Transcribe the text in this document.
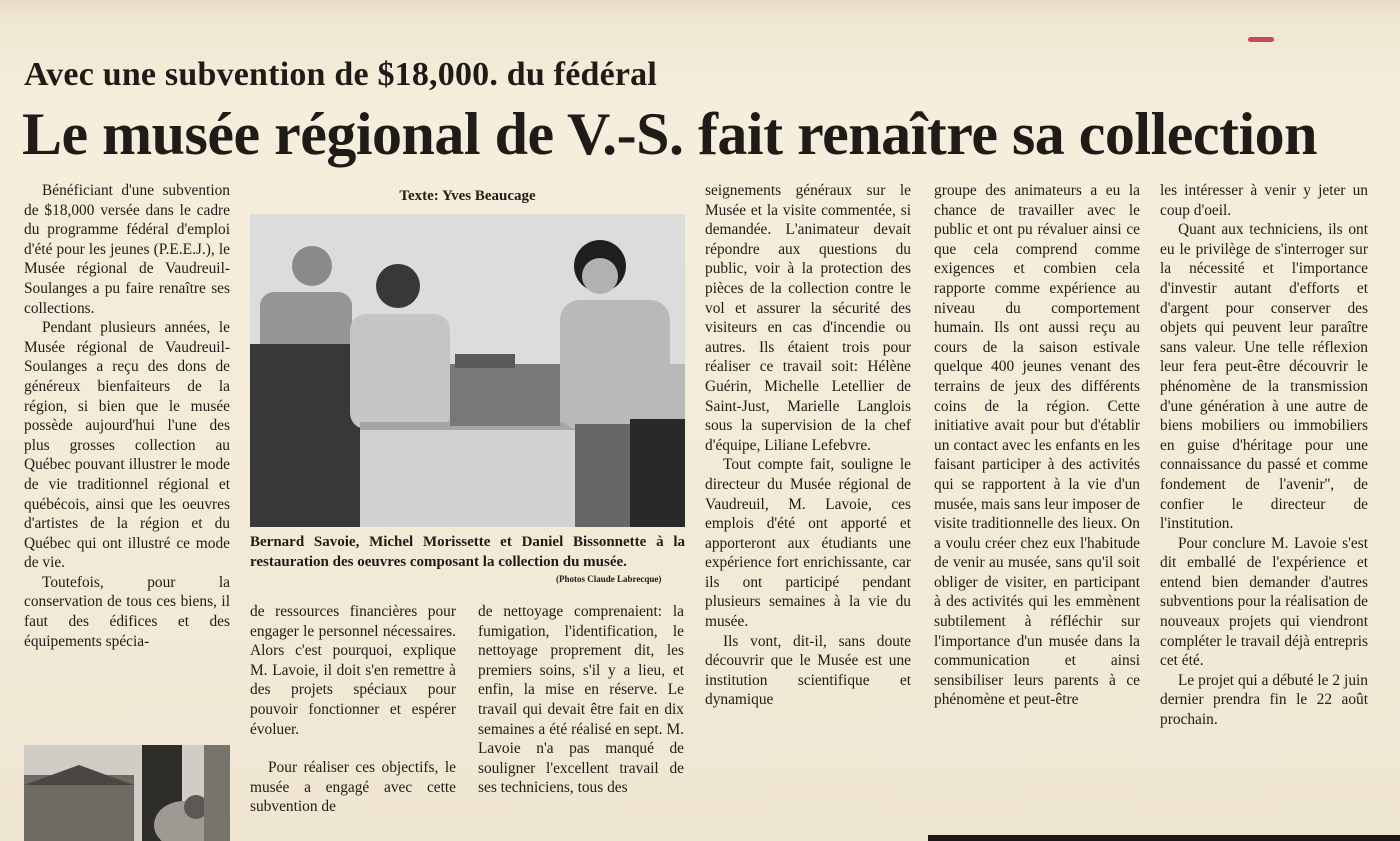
Avec une subvention de $18,000. du fédéral
Le musée régional de V.-S. fait renaître sa collection

Bénéficiant d'une subvention de $18,000 versée dans le cadre du programme fédéral d'emploi d'été pour les jeunes (P.E.E.J.), le Musée régional de Vaudreuil-Soulanges a pu faire renaître ses collections.

Pendant plusieurs années, le Musée régional de Vaudreuil-Soulanges a reçu des dons de généreux bienfaiteurs de la région, si bien que le musée possède aujourd'hui l'une des plus grosses collection au Québec pouvant illustrer le mode de vie traditionnel régional et québécois, ainsi que les oeuvres d'artistes de la région et du Québec qui ont illustré ce mode de vie.

Toutefois, pour la conservation de tous ces biens, il faut des édifices et des équipements spécia-

Texte: Yves Beaucage
Bernard Savoie, Michel Morissette et Daniel Bissonnette à la restauration des oeuvres composant la collection du musée.
(Photos Claude Labrecque)

de ressources financières pour engager le personnel nécessaires. Alors c'est pourquoi, explique M. Lavoie, il doit s'en remettre à des projets spéciaux pour pouvoir fonctionner et espérer évoluer.

Pour réaliser ces objectifs, le musée a engagé avec cette subvention de

de nettoyage comprenaient: la fumigation, l'identification, le nettoyage proprement dit, les premiers soins, s'il y a lieu, et enfin, la mise en réserve. Le travail qui devait être fait en dix semaines a été réalisé en sept. M. Lavoie n'a pas manqué de souligner l'excellent travail de ses techniciens, tous des

seignements généraux sur le Musée et la visite commentée, si demandée. L'animateur devait répondre aux questions du public, voir à la protection des pièces de la collection contre le vol et assurer la sécurité des visiteurs en cas d'incendie ou autres. Ils étaient trois pour réaliser ce travail soit: Hélène Guérin, Michelle Letellier de Saint-Just, Marielle Langlois sous la supervision de la chef d'équipe, Liliane Lefebvre.

Tout compte fait, souligne le directeur du Musée régional de Vaudreuil, M. Lavoie, ces emplois d'été ont apporté et apporteront aux étudiants une expérience fort enrichissante, car ils ont participé pendant plusieurs semaines à la vie du musée.

Ils vont, dit-il, sans doute découvrir que le Musée est une institution scientifique et dynamique

groupe des animateurs a eu la chance de travailler avec le public et ont pu révaluer ainsi ce que cela comprend comme exigences et combien cela rapporte comme expérience au niveau du comportement humain. Ils ont aussi reçu au cours de la saison estivale quelque 400 jeunes venant des terrains de jeux des différents coins de la région. Cette initiative avait pour but d'établir un contact avec les enfants en les faisant participer à des activités qui se rapportent à la vie d'un musée, mais sans leur imposer de visite traditionnelle des lieux. On a voulu créer chez eux l'habitude de venir au musée, sans qu'il soit obliger de visiter, en participant à des activités qui les emmènent subtilement à réfléchir sur l'importance d'un musée dans la communication et ainsi sensibiliser leurs parents à ce phénomène et peut-être

les intéresser à venir y jeter un coup d'oeil.

Quant aux techniciens, ils ont eu le privilège de s'interroger sur la nécessité et l'importance d'investir autant d'efforts et d'argent pour conserver des objets qui peuvent leur paraître sans valeur. Une telle réflexion leur fera peut-être découvrir le phénomène de la transmission d'une génération à une autre de biens mobiliers ou immobiliers en guise d'héritage pour une connaissance du passé et comme fondement de l'avenir'', de confier le directeur de l'institution.

Pour conclure M. Lavoie s'est dit emballé de l'expérience et entend bien demander d'autres subventions pour la réalisation de nouveaux projets qui viendront compléter le travail déjà entrepris cet été.

Le projet qui a débuté le 2 juin dernier prendra fin le 22 août prochain.
